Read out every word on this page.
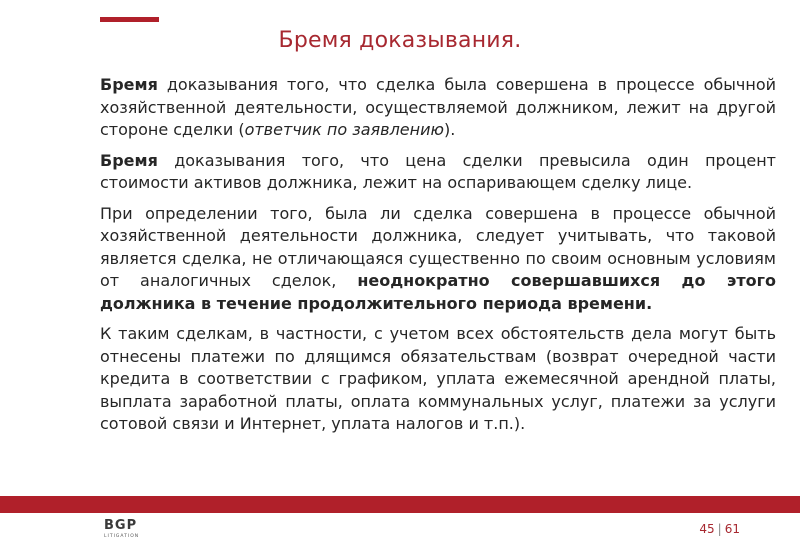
Бремя доказывания.

Бремя доказывания того, что сделка была совершена в процессе обычной хозяйственной деятельности, осуществляемой должником, лежит на другой стороне сделки (ответчик по заявлению).

Бремя доказывания того, что цена сделки превысила один процент стоимости активов должника, лежит на оспаривающем сделку лице.

При определении того, была ли сделка совершена в процессе обычной хозяйственной деятельности должника, следует учитывать, что таковой является сделка, не отличающаяся существенно по своим основным условиям от аналогичных сделок, неоднократно совершавшихся до этого должника в течение продолжительного периода времени.

К таким сделкам, в частности, с учетом всех обстоятельств дела могут быть отнесены платежи по длящимся обязательствам (возврат очередной части кредита в соответствии с графиком, уплата ежемесячной арендной платы, выплата заработной платы, оплата коммунальных услуг, платежи за услуги сотовой связи и Интернет, уплата налогов и т.п.).

BGP
LITIGATION
45 | 61
